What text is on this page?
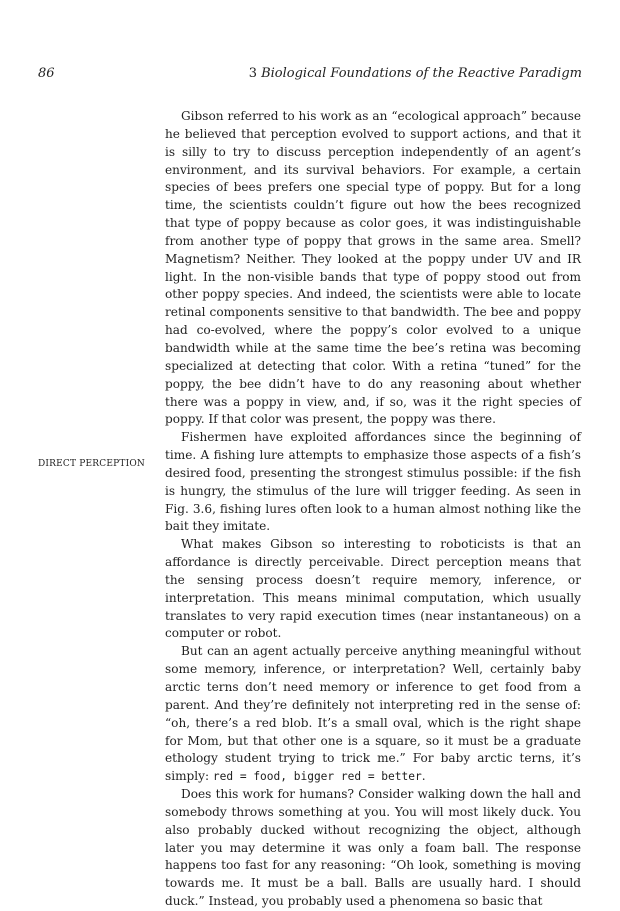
86	3 Biological Foundations of the Reactive Paradigm
DIRECT PERCEPTION

Gibson referred to his work as an “ecological approach” because he believed that perception evolved to support actions, and that it is silly to try to discuss perception independently of an agent’s environment, and its survival behaviors. For example, a certain species of bees prefers one special type of poppy. But for a long time, the scientists couldn’t figure out how the bees recognized that type of poppy because as color goes, it was indistinguishable from another type of poppy that grows in the same area. Smell? Magnetism? Neither. They looked at the poppy under UV and IR light. In the non-visible bands that type of poppy stood out from other poppy species. And indeed, the scientists were able to locate retinal components sensitive to that bandwidth. The bee and poppy had co-evolved, where the poppy’s color evolved to a unique bandwidth while at the same time the bee’s retina was becoming specialized at detecting that color. With a retina “tuned” for the poppy, the bee didn’t have to do any reasoning about whether there was a poppy in view, and, if so, was it the right species of poppy. If that color was present, the poppy was there.

Fishermen have exploited affordances since the beginning of time. A fishing lure attempts to emphasize those aspects of a fish’s desired food, presenting the strongest stimulus possible: if the fish is hungry, the stimulus of the lure will trigger feeding. As seen in Fig. 3.6, fishing lures often look to a human almost nothing like the bait they imitate.

What makes Gibson so interesting to roboticists is that an affordance is directly perceivable. Direct perception means that the sensing process doesn’t require memory, inference, or interpretation. This means minimal computation, which usually translates to very rapid execution times (near instantaneous) on a computer or robot.

But can an agent actually perceive anything meaningful without some memory, inference, or interpretation? Well, certainly baby arctic terns don’t need memory or inference to get food from a parent. And they’re definitely not interpreting red in the sense of: “oh, there’s a red blob. It’s a small oval, which is the right shape for Mom, but that other one is a square, so it must be a graduate ethology student trying to trick me.” For baby arctic terns, it’s simply: red = food, bigger red = better.

Does this work for humans? Consider walking down the hall and somebody throws something at you. You will most likely duck. You also probably ducked without recognizing the object, although later you may determine it was only a foam ball. The response happens too fast for any reasoning: “Oh look, something is moving towards me. It must be a ball. Balls are usually hard. I should duck.” Instead, you probably used a phenomena so basic that
